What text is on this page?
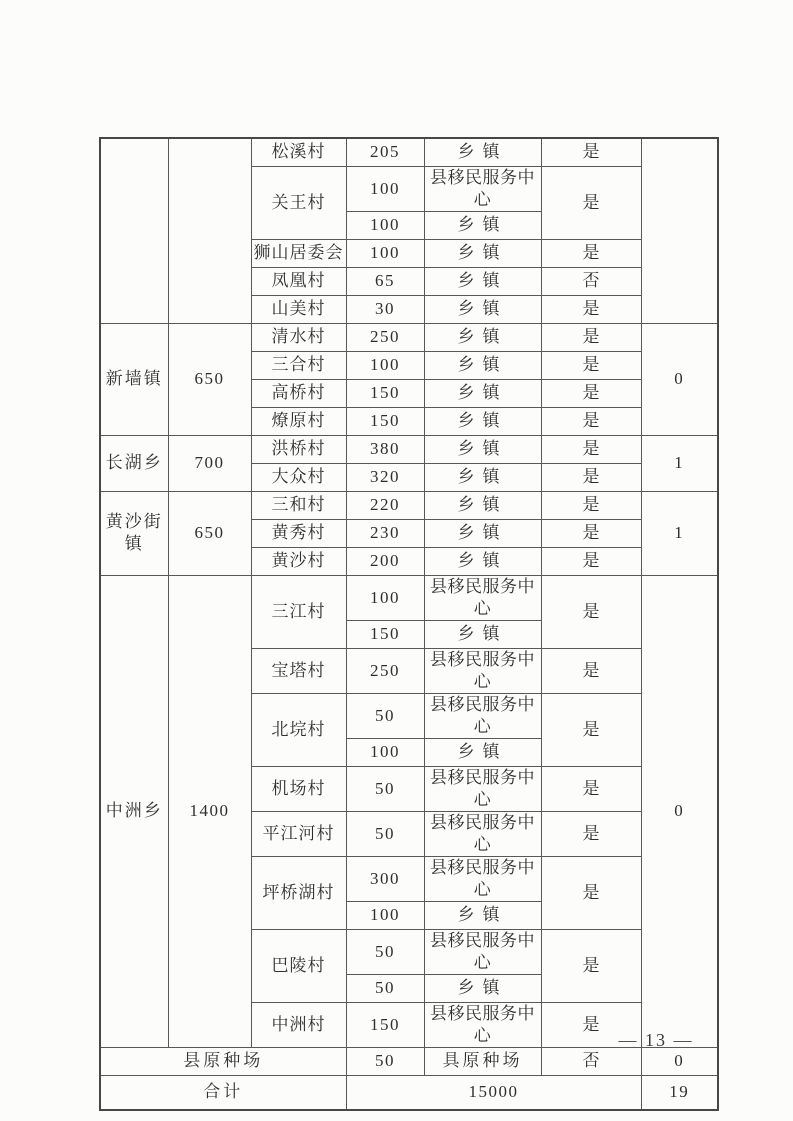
		松溪村	205	乡镇	是	
		关王村	100	县移民服务中心	是	
			100	乡镇		
		狮山居委会	100	乡镇	是	
		凤凰村	65	乡镇	否	
		山美村	30	乡镇	是	
新墙镇	650	清水村	250	乡镇	是	0
		三合村	100	乡镇	是	
		高桥村	150	乡镇	是	
		燎原村	150	乡镇	是	
长湖乡	700	洪桥村	380	乡镇	是	1
		大众村	320	乡镇	是	
黄沙街镇	650	三和村	220	乡镇	是	1
		黄秀村	230	乡镇	是	
		黄沙村	200	乡镇	是	
中洲乡	1400	三江村	100	县移民服务中心	是	0
			150	乡镇		
		宝塔村	250	县移民服务中心	是	
		北垸村	50	县移民服务中心	是	
			100	乡镇		
		机场村	50	县移民服务中心	是	
		平江河村	50	县移民服务中心	是	
		坪桥湖村	300	县移民服务中心	是	
			100	乡镇		
		巴陵村	50	县移民服务中心	是	
			50	乡镇		
		中洲村	150	县移民服务中心	是	
县原种场			50	具原种场	否	0
合计			15000			19
— 13 —
